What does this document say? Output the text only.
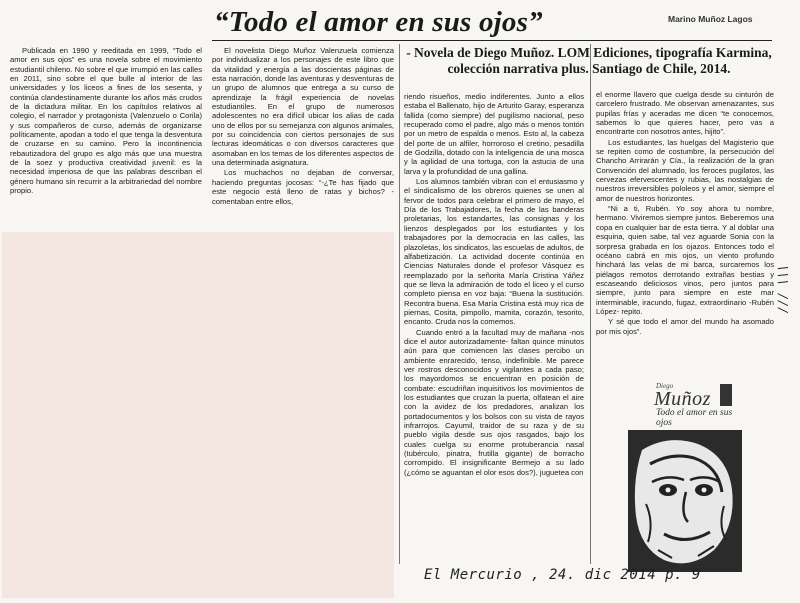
“Todo el amor en sus ojos”	Marino Muñoz Lagos
- Novela de Diego Muñoz. LOM Ediciones, tipografía Karmina, colección narrativa plus. Santiago de Chile, 2014.

Publicada en 1990 y reeditada en 1999, “Todo el amor en sus ojos” es una novela sobre el movimiento estudiantil chileno. No sobre el que irrumpió en las calles en 2011, sino sobre el que bulle al interior de las universidades y los liceos a fines de los sesenta, y continúa clandestinamente durante los años más crudos de la dictadura militar. En los capítulos relativos al colegio, el narrador y protagonista (Valenzuelo o Corila) y sus compañeros de curso, además de organizarse políticamente, apodan a todo el que tenga la desventura de cruzarse en su camino. Pero la incontinencia rebautizadora del grupo es algo más que una muestra de la soez y productiva creatividad juvenil: es la necesidad imperiosa de que las palabras describan el género humano sin recurrir a la arbitrariedad del nombre propio.

El novelista Diego Muñoz Valenzuela comienza por individualizar a los personajes de este libro que da vitalidad y energía a las doscientas páginas de esta narración, donde las aventuras y desventuras de un grupo de alumnos que entrega a su curso de aprendizaje la frágil experiencia de novelas estudiantiles. En el grupo de numerosos adolescentes no era difícil ubicar los alias de cada uno de ellos por su semejanza con algunos animales, por su coincidencia con ciertos personajes de sus lecturas ideomáticas o con diversos caracteres que asomaban en los temas de los diferentes aspectos de una determinada asignatura.

Los muchachos no dejaban de conversar, haciendo preguntas jocosas: “-¿Te has fijado que este negocio está lleno de ratas y bichos? -comentaban entre ellos,

riendo risueños, medio indiferentes. Junto a ellos estaba el Ballenato, hijo de Arturito Garay, esperanza fallida (como siempre) del pugilismo nacional, peso recuperado como el padre, algo más o menos tontón por un metro de espalda o menos. Esto al, la cabeza del porte de un alfiler, horroroso el cretino, pesadilla de Godzilla, dotado con la inteligencia de una mosca y la agilidad de una tortuga, con la astucia de una larva y la profundidad de una gallina.

Los alumnos también vibran con el entusiasmo y el sindicalismo de los obreros quienes se unen al fervor de todos para celebrar el primero de mayo, el Día de los Trabajadores, la fecha de las banderas proletarias, los estandartes, las consignas y los lienzos desplegados por los estudiantes y los trabajadores por la democracia en las calles, las plazoletas, los sindicatos, las escuelas de adultos, de alfabetización. La actividad docente continúa en Ciencias Naturales donde el profesor Vásquez es reemplazado por la señorita María Cristina Yáñez que se lleva la admiración de todo el liceo y el curso completo piensa en voz baja: “Buena la sustitución. Recontra buena. Esa María Cristina está muy rica de piernas, Cosita, pimpollo, mamita, corazón, tesorito, encanto. Cruda nos la comemos.

Cuando entró a la facultad muy de mañana -nos dice el autor autorizadamente- faltan quince minutos aún para que comiencen las clases percibo un ambiente enrarecido, tenso, indefinible. Me parece ver rostros desconocidos y vigilantes a cada paso; los mayordomos se encuentran en posición de combate: escudriñan inquisitivos los movimientos de los estudiantes que cruzan la puerta, olfatean el aire con la avidez de los predadores, analizan los portadocumentos y los bolsos con su vista de rayos infrarrojos. Cayumil, traidor de su raza y de su pueblo vigila desde sus ojos rasgados, bajo los cuales cuelga su enorme protuberancia nasal (tubérculo, pinatra, frutilla gigante) de borracho corrompido. El insignificante Bermejo a su lado (¿cómo se aguantan el olor esos dos?), juguetea con

el enorme llavero que cuelga desde su cinturón de carcelero frustrado. Me observan amenazantes, sus pupilas frías y aceradas me dicen “te conocemos, sabemos lo que quieres hacer, pero vas a encontrarte con nosotros antes, hijito”.

Los estudiantes, las huelgas del Magisterio que se repiten como de costumbre, la persecución del Chancho Arrirarán y Cía., la realización de la gran Convención del alumnado, los feroces pugilatos, las cervezas efervescentes y rubias, las nostalgias de nuestros irreversibles pololeos y el amor, siempre el amor de nuestros horizontes.

“Ni a ti, Rubén. Yo soy ahora tu nombre, hermano. Viviremos siempre juntos. Beberemos una copa en cualquier bar de esta tierra. Y al doblar una esquina, quien sabe, tal vez aguarde Sonia con la sorpresa grabada en los ojazos. Entonces todo el océano cabrá en mis ojos, un viento profundo hinchará las velas de mi barca, surcaremos los piélagos remotos derrotando extrañas bestias y escaseando deliciosos vinos, pero juntos para siempre, junto para siempre en este mar interminable, iracundo, fugaz, extraordinario -Rubén López- repito.

Y sé que todo el amor del mundo ha asomado por mis ojos”.

Diego
Muñoz
Todo el amor en sus ojos
El Mercurio , 24. dic 2014 p. 9
\\\ ///
